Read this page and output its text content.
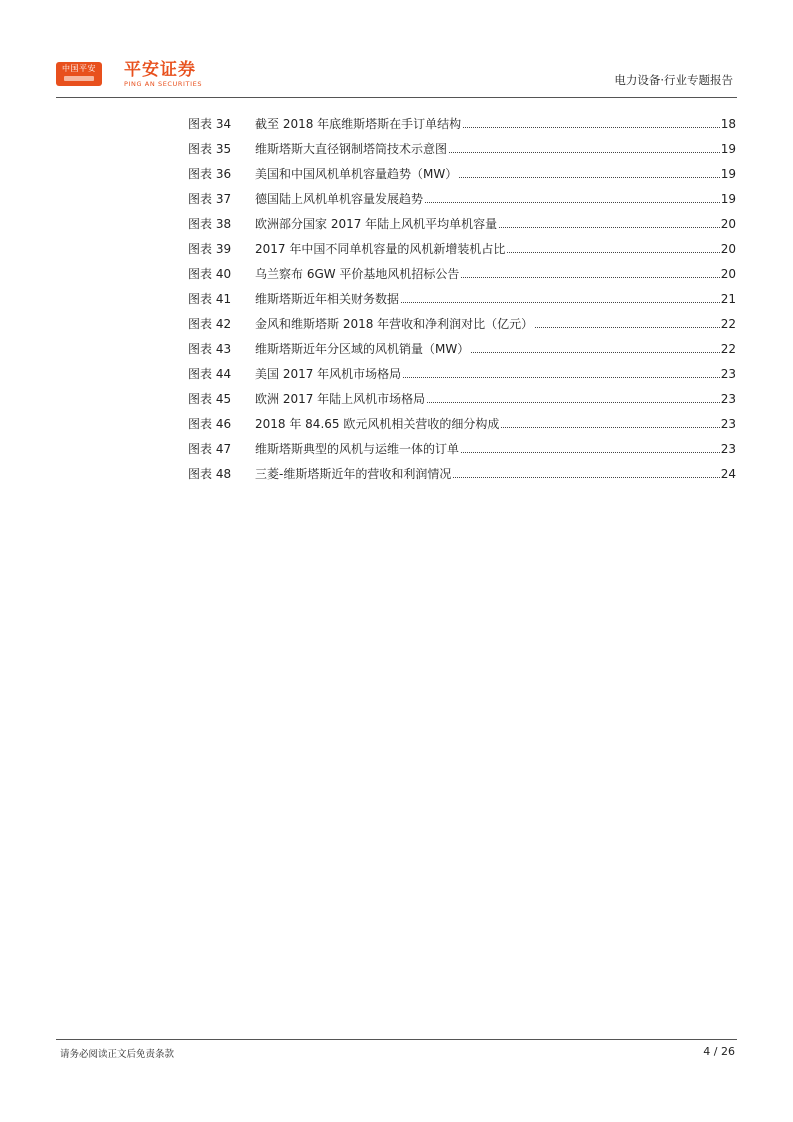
中国平安	平安证券
PING AN SECURITIES	电力设备·行业专题报告
图表 34	截至 2018 年底维斯塔斯在手订单结构	18
图表 35	维斯塔斯大直径钢制塔筒技术示意图	19
图表 36	美国和中国风机单机容量趋势（MW）	19
图表 37	德国陆上风机单机容量发展趋势	19
图表 38	欧洲部分国家 2017 年陆上风机平均单机容量	20
图表 39	2017 年中国不同单机容量的风机新增装机占比	20
图表 40	乌兰察布 6GW 平价基地风机招标公告	20
图表 41	维斯塔斯近年相关财务数据	21
图表 42	金风和维斯塔斯 2018 年营收和净利润对比（亿元）	22
图表 43	维斯塔斯近年分区域的风机销量（MW）	22
图表 44	美国 2017 年风机市场格局	23
图表 45	欧洲 2017 年陆上风机市场格局	23
图表 46	2018 年 84.65 欧元风机相关营收的细分构成	23
图表 47	维斯塔斯典型的风机与运维一体的订单	23
图表 48	三菱-维斯塔斯近年的营收和利润情况	24
请务必阅读正文后免责条款	4 / 26
